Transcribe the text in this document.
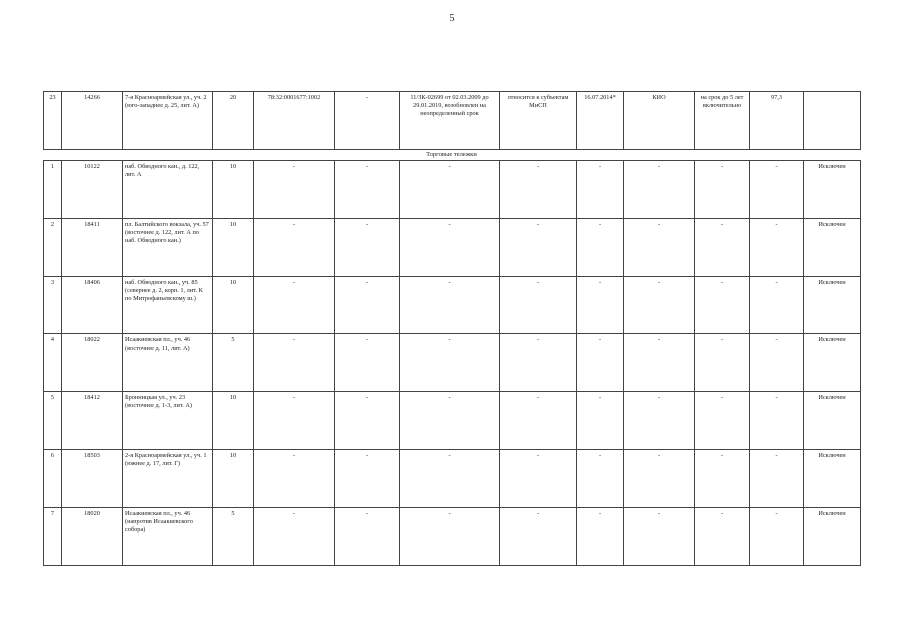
5
23	14266	7-я Красноармейская ул., уч. 2 (юго-западнее д. 25, лит. А)	20	78:32:0001677:1002	-	11/ЗК-02699 от 02.03.2009 до 29.01.2019, возобновлен на неопределенный срок	относится к субъектам МиСП	16.07.2014*	КИО	на срок до 5 лет включительно	97,3	
Торговые тележки
1	10122	наб. Обводного кан., д. 122, лит. А	10	-	-	-	-	-	-	-	-	Исключен
2	18411	пл. Балтийского вокзала, уч. 57 (восточнее д. 122, лит. А по наб. Обводного кан.)	10	-	-	-	-	-	-	-	-	Исключен
3	18406	наб. Обводного кан., уч. 85 (севернее д. 2, корп. 1, лит. К по Митрофаньевскому ш.)	10	-	-	-	-	-	-	-	-	Исключен
4	18022	Исаакиевская пл., уч. 46 (восточнее д. 11, лит. А)	5	-	-	-	-	-	-	-	-	Исключен
5	18412	Бронницкая ул., уч. 23 (восточнее д. 1-3, лит. А)	10	-	-	-	-	-	-	-	-	Исключен
6	18503	2-я Красноармейская ул., уч. 1 (южнее д. 17, лит. Г)	10	-	-	-	-	-	-	-	-	Исключен
7	18020	Исаакиевская пл., уч. 46 (напротив Исаакиевского собора)	5	-	-	-	-	-	-	-	-	Исключен
